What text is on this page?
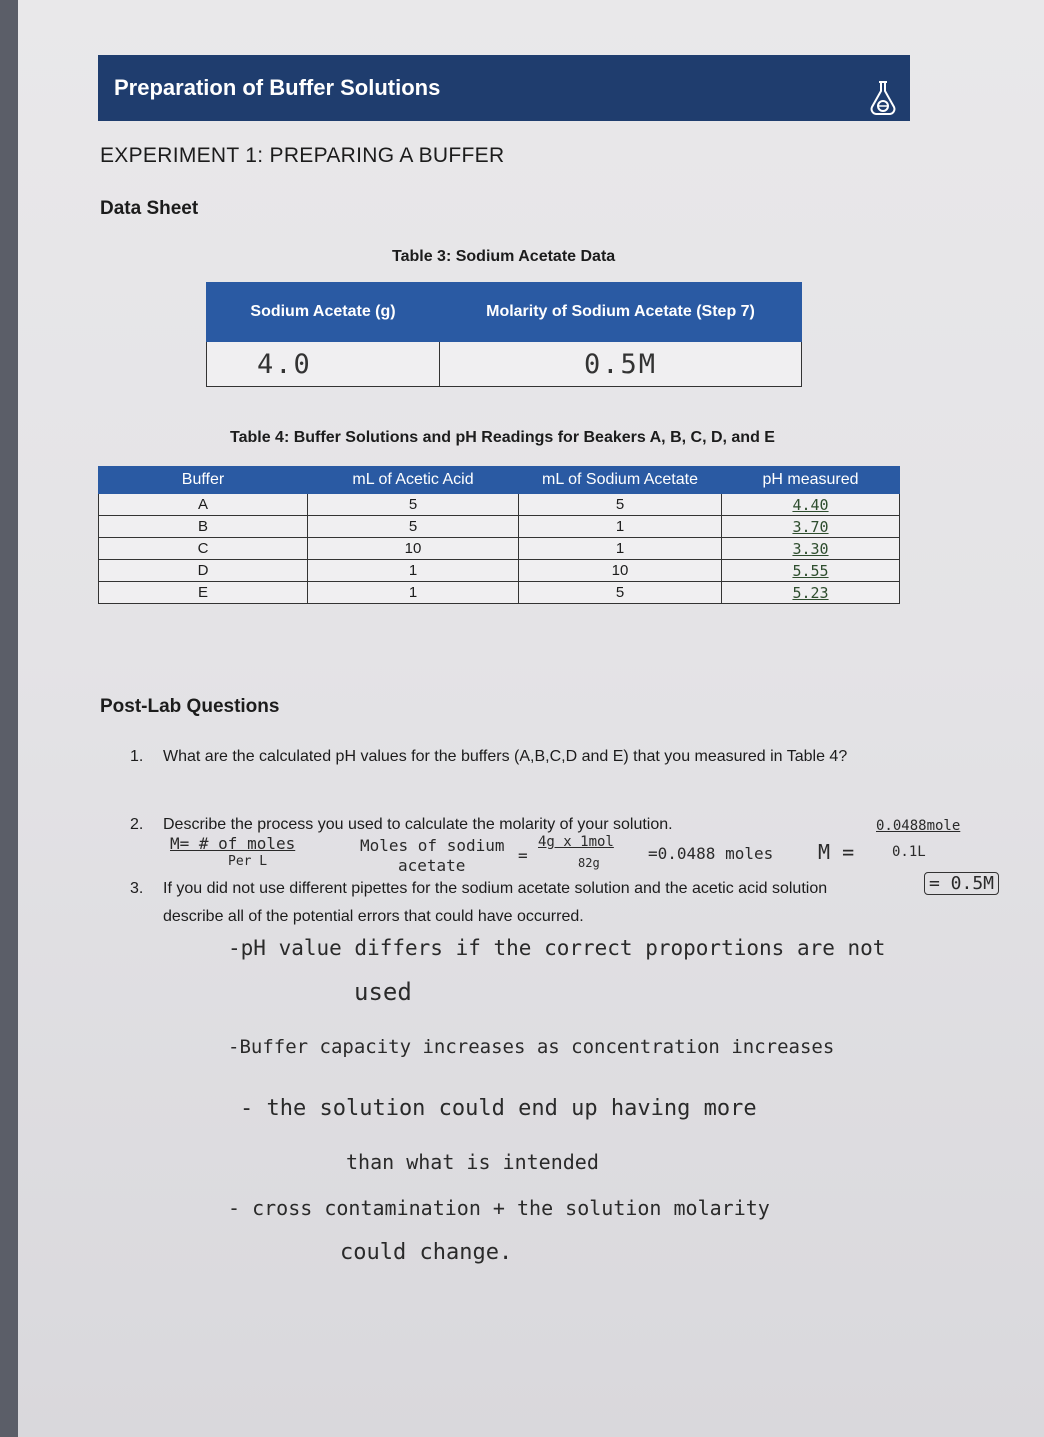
Preparation of Buffer Solutions
EXPERIMENT 1: PREPARING A BUFFER
Data Sheet
Table 3: Sodium Acetate Data
Sodium Acetate (g)	Molarity of Sodium Acetate (Step 7)
4.0	0.5M
Table 4: Buffer Solutions and pH Readings for Beakers A, B, C, D, and E
Buffer	mL of Acetic Acid	mL of Sodium Acetate	pH measured
A	5	5	4.40
B	5	1	3.70
C	10	1	3.30
D	1	10	5.55
E	1	5	5.23
Post-Lab Questions
1. What are the calculated pH values for the buffers (A,B,C,D and E) that you measured in Table 4?
2. Describe the process you used to calculate the molarity of your solution.
M= # of moles
Per L
Moles of sodium
acetate
=
4g x 1mol
82g	=0.0488 moles M =
0.0488mole
0.1L
= 0.5M
3. If you did not use different pipettes for the sodium acetate solution and the acetic acid solution
describe all of the potential errors that could have occurred.
-pH value differs if the correct proportions are not
used
-Buffer capacity increases as concentration increases
- the solution could end up having more
than what is intended
- cross contamination + the solution molarity
could change.
